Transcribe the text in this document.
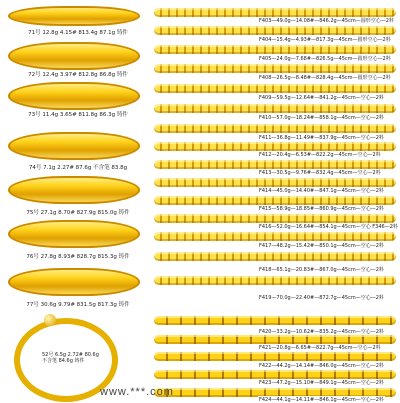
71号 12.8g 4.15# 813.4g 87.1g 铸件
72号 12.4g 3.97# 812.8g 86.8g 铸件
73号 11.4g 3.65# 811.8g 86.3g 铸件
74号 7.1g 2.27# 87.6g 不含笔 83.8g
75号 27.1g 8.70# 827.9g 815.0g 铸件
76号 27.8g 8.93# 828.7g 815.3g 铸件
77号 30.6g 9.79# 831.5g 817.3g 铸件
52号 6.5g 2.72# 80.6g 不含笔 84.6g 铸件
F403—49.0g—14.08#—846.2g—45cm—圆形空心—2料
F404—15.4g—4.93#—817.3g—45cm—圆形空心—2料
F405—24.0g—7.68#—826.5g—45cm—圆形空心—2料
F408—26.5g—8.48#—828.4g—45cm—圆形空心—2料
F409—59.5g—12.64#—841.2g—45cm—空心—2料
F410—57.0g—18.24#—858.1g—45cm—空心—2料
F411—36.8g—11.49#—837.9g—45cm—空心—2料
F412—20.4g—6.53#—822.2g—45cm—空心—2料
F413—30.5g—9.76#—832.4g—45cm—空心—2料
F414—45.0g—14.40#—847.1g—45cm—空心—2料
F415—58.9g—18.85#—860.9g—45cm—空心—2料
F416—52.0g—16.64#—854.1g—45cm—空心 F346—2料
F417—48.2g—15.42#—850.1g—45cm—空心—2料
F418—65.1g—20.83#—867.0g—45cm—空心—2料
F419—70.0g—22.40#—872.7g—45cm—空心—2料
F420—33.2g—10.62#—835.2g—45cm—空心—2料
F421—20.8g—6.65#—822.7g—45cm—空心—2料
F422—44.2g—14.14#—846.0g—45cm—空心—2料
F423—47.2g—15.10#—849.1g—45cm—空心—2料
F424—44.1g—14.11#—846.1g—45cm—空心—2料
www.***.com
